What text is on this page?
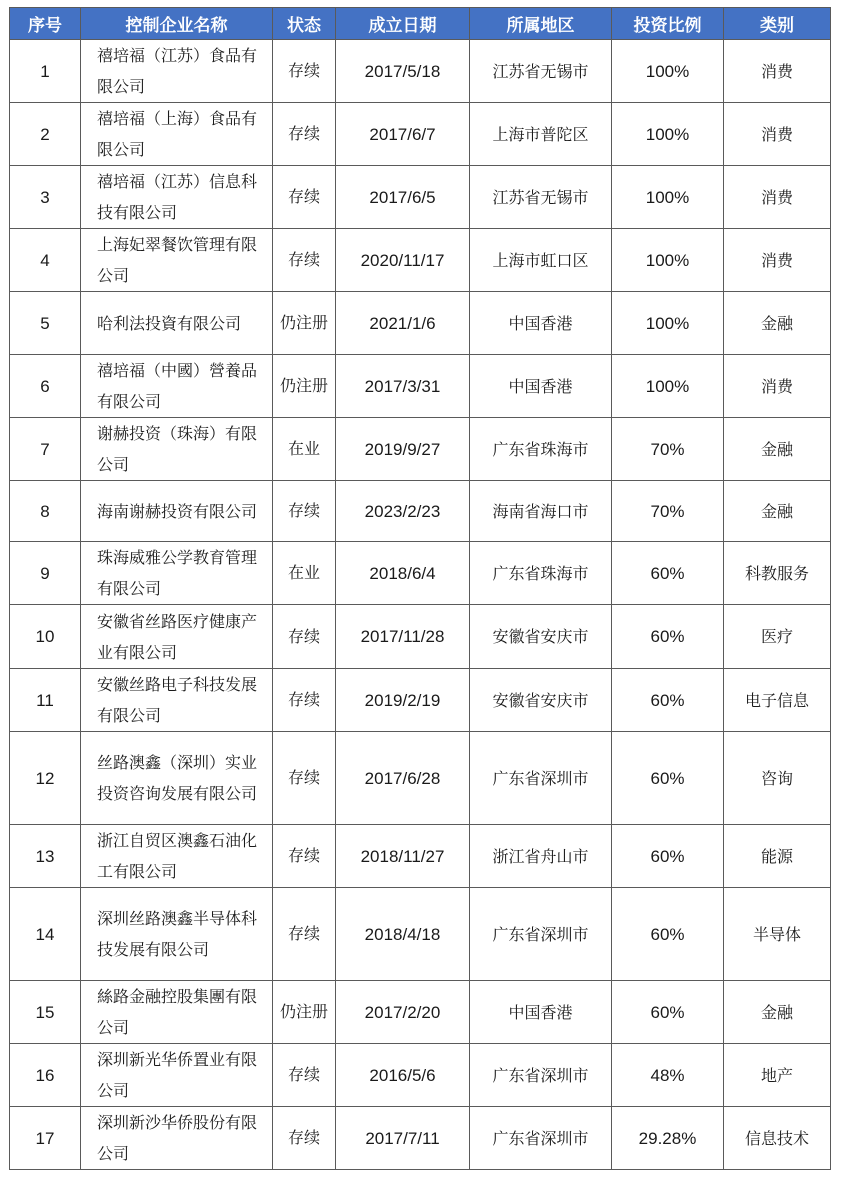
序号	控制企业名称	状态	成立日期	所属地区	投资比例	类别
1	禧培福（江苏）食品有限公司	存续	2017/5/18	江苏省无锡市	100%	消费
2	禧培福（上海）食品有限公司	存续	2017/6/7	上海市普陀区	100%	消费
3	禧培福（江苏）信息科技有限公司	存续	2017/6/5	江苏省无锡市	100%	消费
4	上海妃翠餐饮管理有限公司	存续	2020/11/17	上海市虹口区	100%	消费
5	哈利法投資有限公司	仍注册	2021/1/6	中国香港	100%	金融
6	禧培福（中國）營養品有限公司	仍注册	2017/3/31	中国香港	100%	消费
7	谢赫投资（珠海）有限公司	在业	2019/9/27	广东省珠海市	70%	金融
8	海南谢赫投资有限公司	存续	2023/2/23	海南省海口市	70%	金融
9	珠海威雅公学教育管理有限公司	在业	2018/6/4	广东省珠海市	60%	科教服务
10	安徽省丝路医疗健康产业有限公司	存续	2017/11/28	安徽省安庆市	60%	医疗
11	安徽丝路电子科技发展有限公司	存续	2019/2/19	安徽省安庆市	60%	电子信息
12	丝路澳鑫（深圳）实业投资咨询发展有限公司	存续	2017/6/28	广东省深圳市	60%	咨询
13	浙江自贸区澳鑫石油化工有限公司	存续	2018/11/27	浙江省舟山市	60%	能源
14	深圳丝路澳鑫半导体科技发展有限公司	存续	2018/4/18	广东省深圳市	60%	半导体
15	絲路金融控股集團有限公司	仍注册	2017/2/20	中国香港	60%	金融
16	深圳新光华侨置业有限公司	存续	2016/5/6	广东省深圳市	48%	地产
17	深圳新沙华侨股份有限公司	存续	2017/7/11	广东省深圳市	29.28%	信息技术
